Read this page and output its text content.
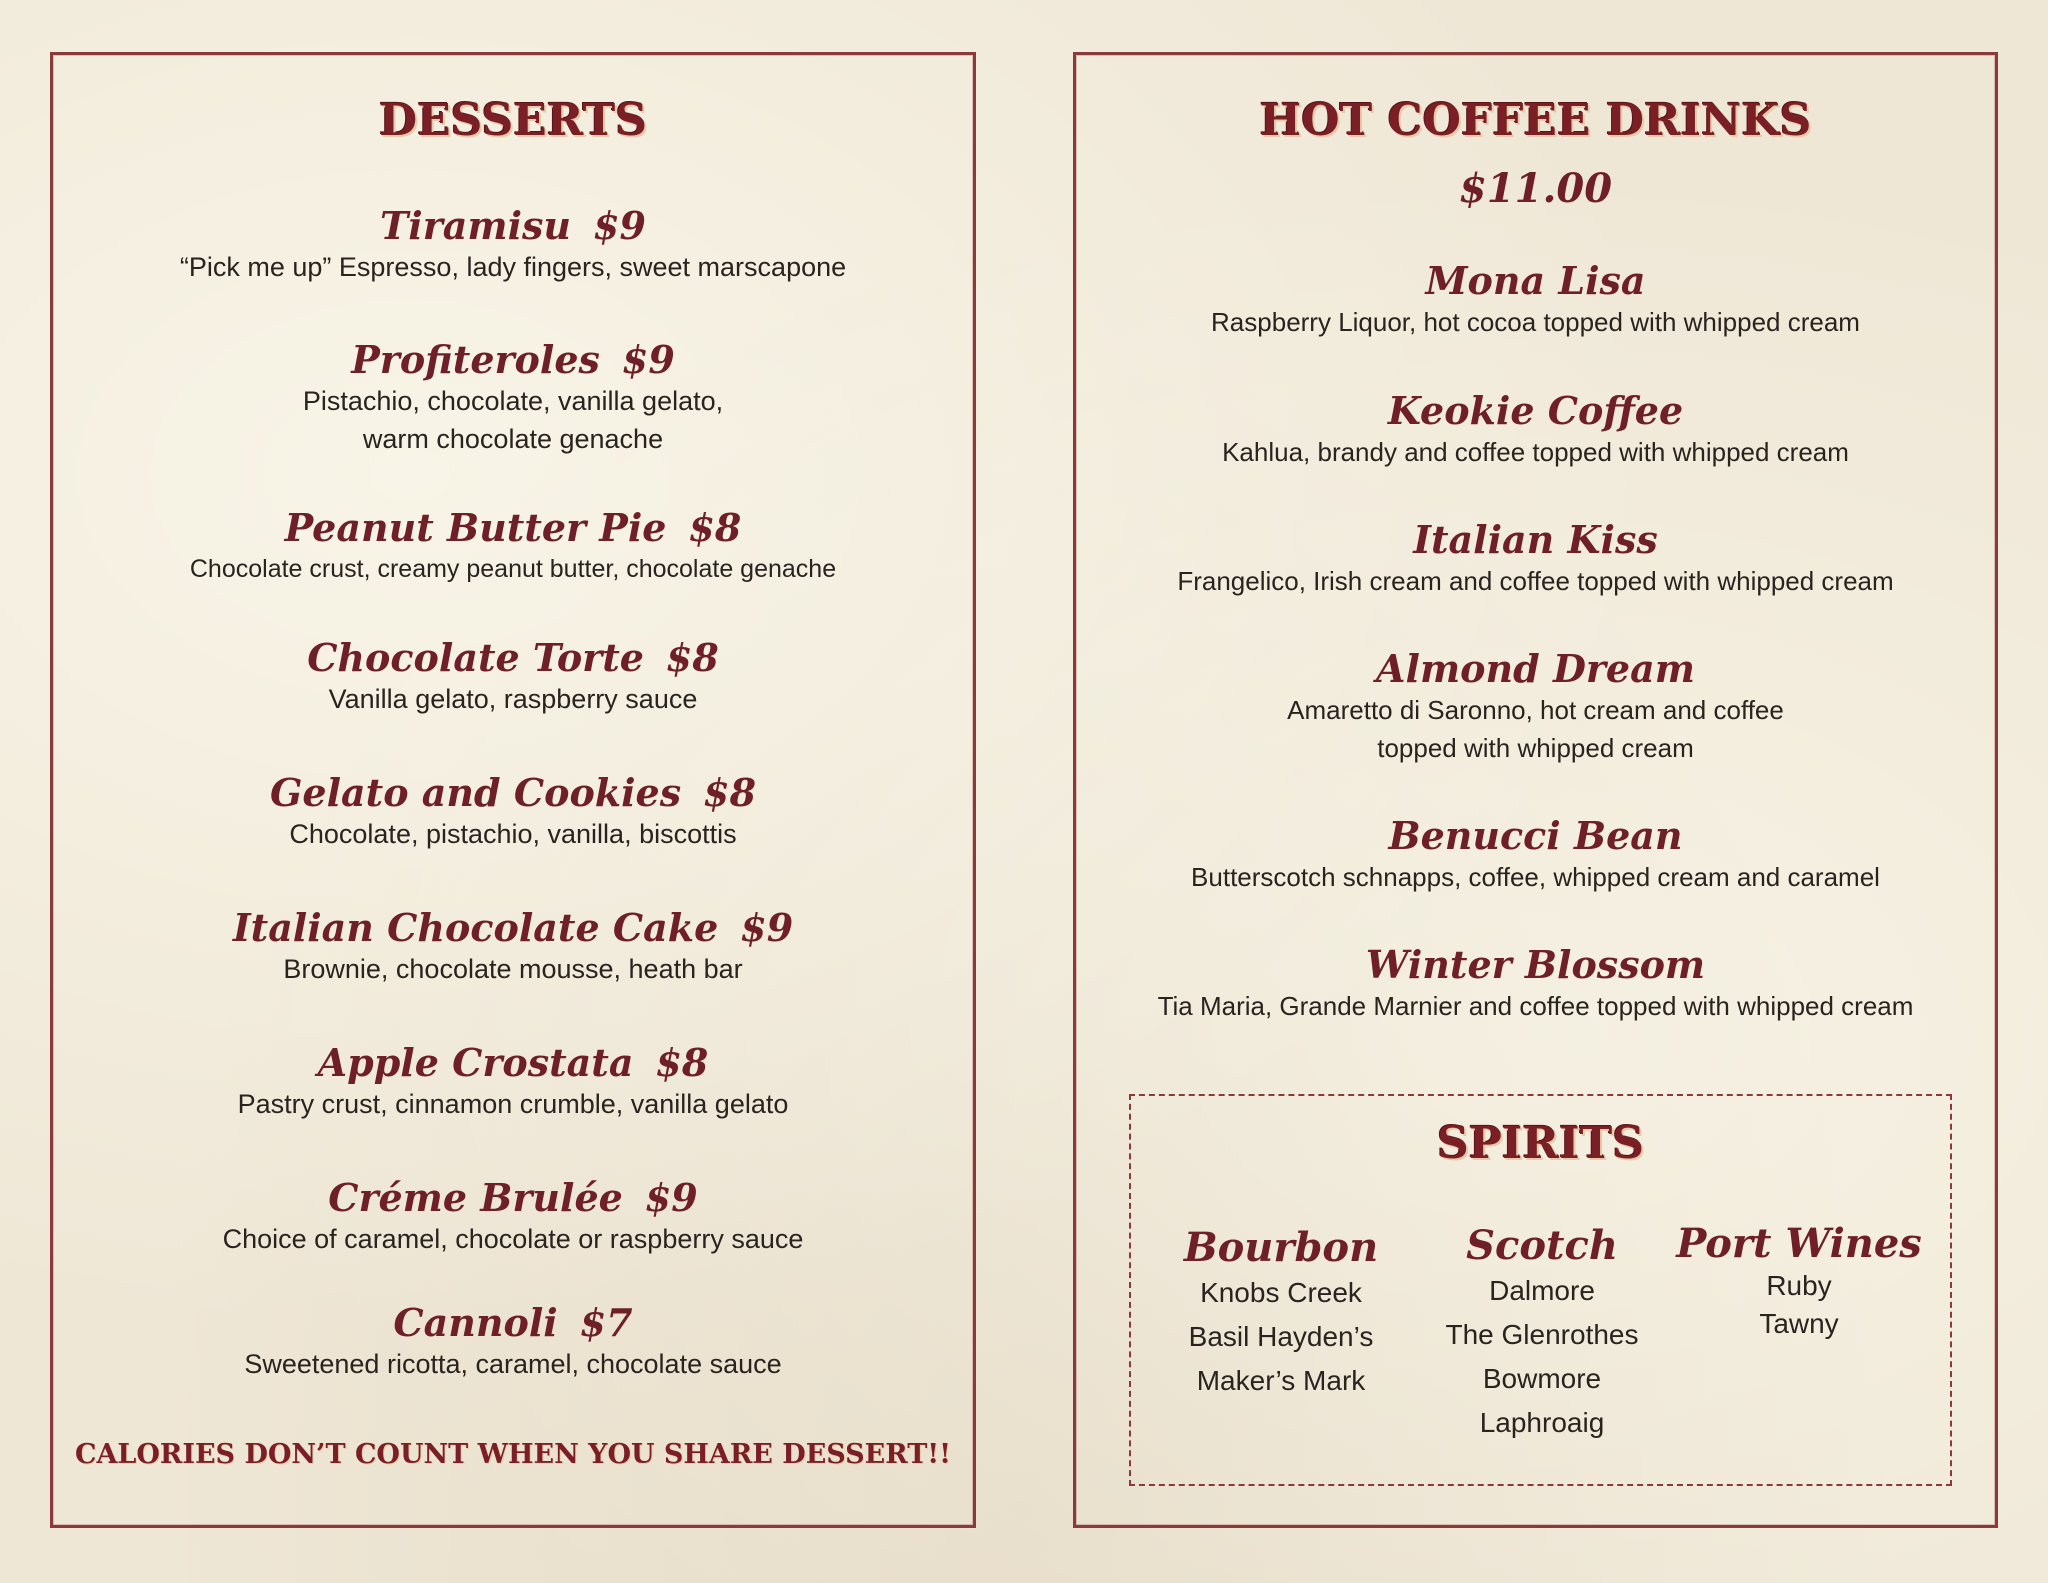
DESSERTS
Tiramisu $9
“Pick me up” Espresso, lady fingers, sweet marscapone
Profiteroles $9
Pistachio, chocolate, vanilla gelato,
warm chocolate genache
Peanut Butter Pie $8
Chocolate crust, creamy peanut butter, chocolate genache
Chocolate Torte $8
Vanilla gelato, raspberry sauce
Gelato and Cookies $8
Chocolate, pistachio, vanilla, biscottis
Italian Chocolate Cake $9
Brownie, chocolate mousse, heath bar
Apple Crostata $8
Pastry crust, cinnamon crumble, vanilla gelato
Créme Brulée $9
Choice of caramel, chocolate or raspberry sauce
Cannoli $7
Sweetened ricotta, caramel, chocolate sauce
CALORIES DON’T COUNT WHEN YOU SHARE DESSERT!!
HOT COFFEE DRINKS
$11.00
Mona Lisa
Raspberry Liquor, hot cocoa topped with whipped cream
Keokie Coffee
Kahlua, brandy and coffee topped with whipped cream
Italian Kiss
Frangelico, Irish cream and coffee topped with whipped cream
Almond Dream
Amaretto di Saronno, hot cream and coffee
topped with whipped cream
Benucci Bean
Butterscotch schnapps, coffee, whipped cream and caramel
Winter Blossom
Tia Maria, Grande Marnier and coffee topped with whipped cream
SPIRITS
Bourbon
Knobs Creek
Basil Hayden’s
Maker’s Mark
Scotch
Dalmore
The Glenrothes
Bowmore
Laphroaig
Port Wines
Ruby
Tawny
